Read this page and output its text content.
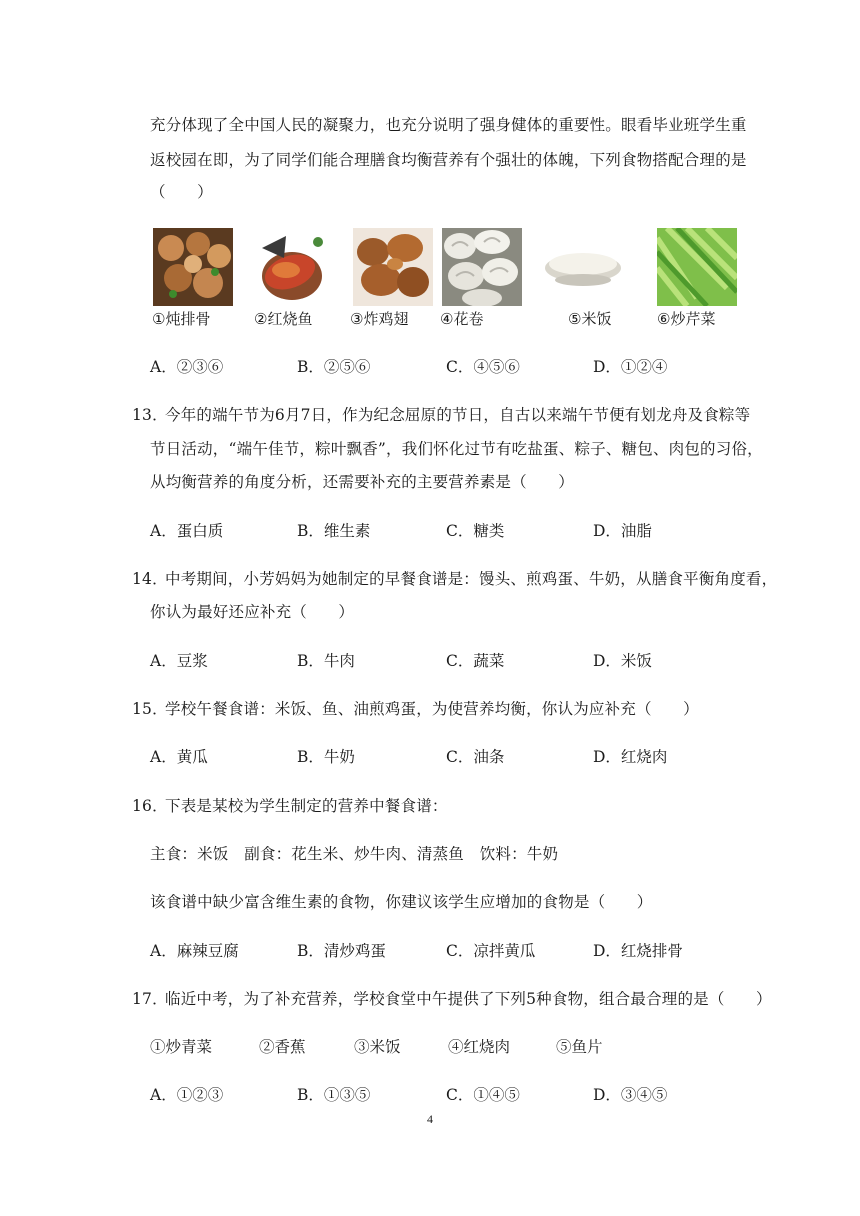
充分体现了全中国人民的凝聚力，也充分说明了强身健体的重要性。眼看毕业班学生重
返校园在即，为了同学们能合理膳食均衡营养有个强壮的体魄，下列食物搭配合理的是
（　　）
①炖排骨	②红烧鱼	③炸鸡翅 ④花卷	⑤米饭	⑥炒芹菜
A．②③⑥	B．②⑤⑥	C．④⑤⑥	D．①②④
13．
今年的端午节为6月7日，作为纪念屈原的节日，自古以来端午节便有划龙舟及食粽等
节日活动，“端午佳节，粽叶飘香”，我们怀化过节有吃盐蛋、粽子、糖包、肉包的习俗，
从均衡营养的角度分析，还需要补充的主要营养素是（　　）
A．蛋白质	B．维生素	C．糖类	D．油脂
14．
中考期间，小芳妈妈为她制定的早餐食谱是：馒头、煎鸡蛋、牛奶，从膳食平衡角度看，
你认为最好还应补充（　　）
A．豆浆	B．牛肉	C．蔬菜	D．米饭
15．
学校午餐食谱：米饭、鱼、油煎鸡蛋，为使营养均衡，你认为应补充（　　）
A．黄瓜	B．牛奶	C．油条	D．红烧肉
16．
下表是某校为学生制定的营养中餐食谱：
主食：米饭　副食：花生米、炒牛肉、清蒸鱼　饮料：牛奶
该食谱中缺少富含维生素的食物，你建议该学生应增加的食物是（　　）
A．麻辣豆腐	B．清炒鸡蛋	C．凉拌黄瓜	D．红烧排骨
17．
临近中考，为了补充营养，学校食堂中午提供了下列5种食物，组合最合理的是（　　）
①炒青菜	②香蕉	③米饭	④红烧肉	⑤鱼片
A．①②③	B．①③⑤	C．①④⑤	D．③④⑤
4
